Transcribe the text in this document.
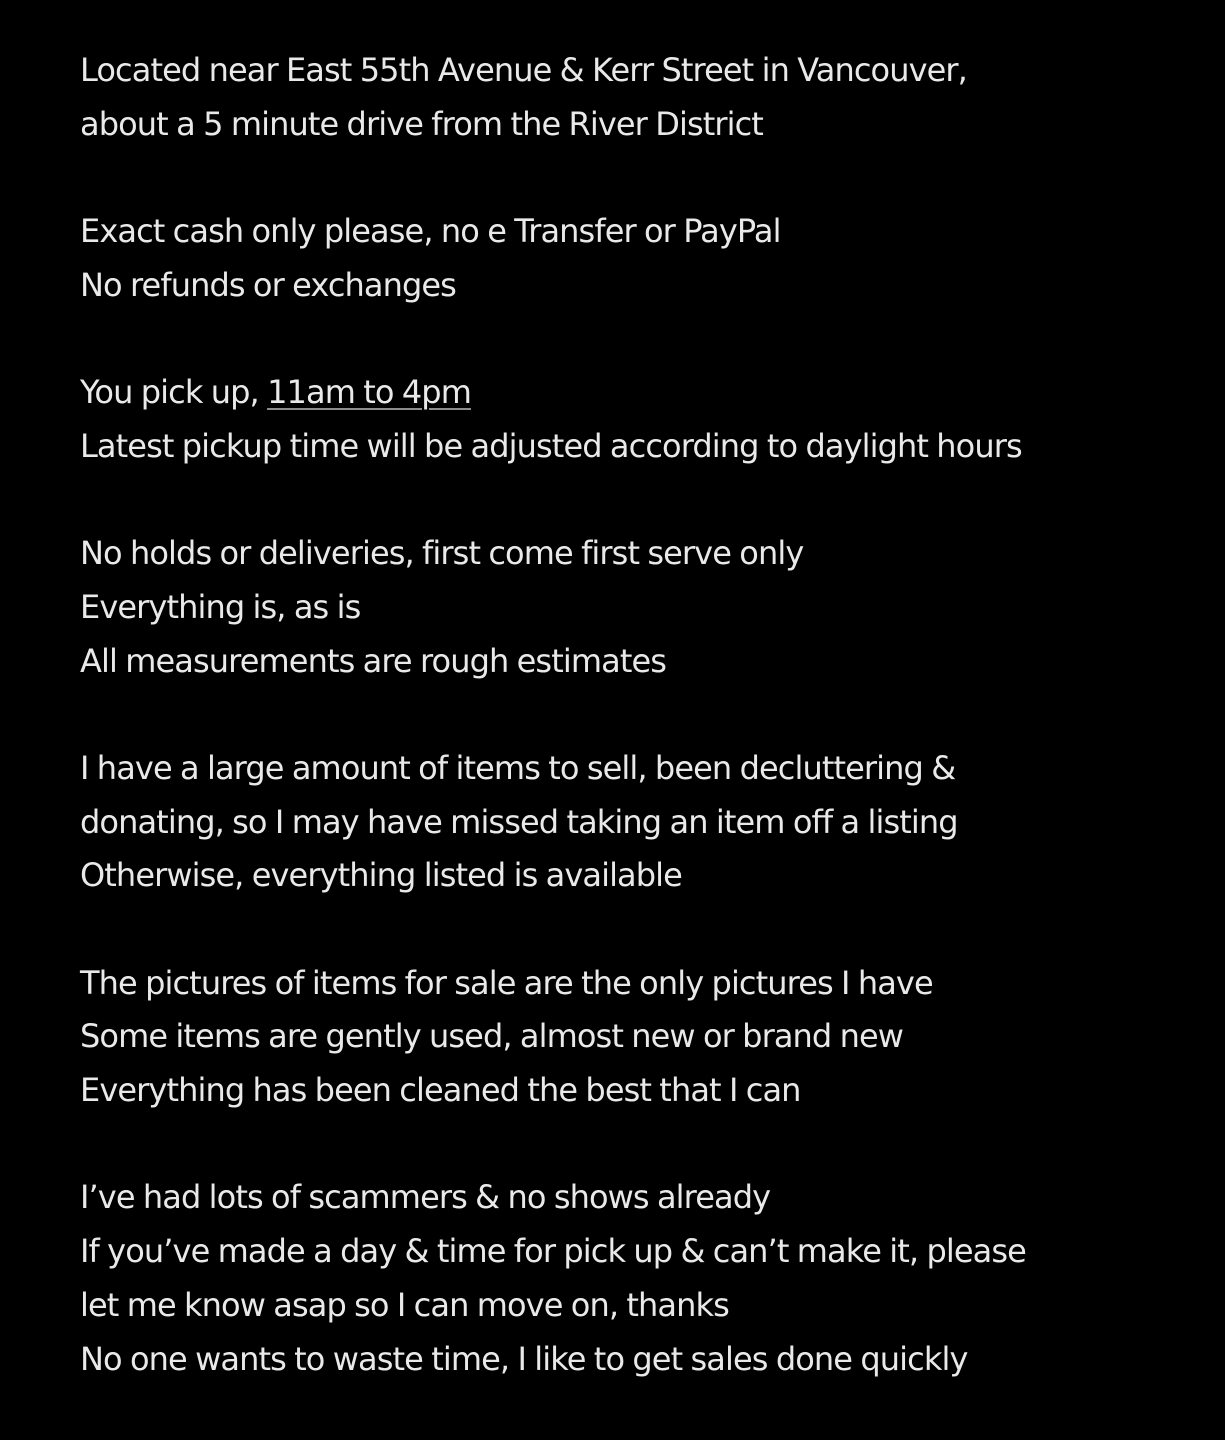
Located near East 55th Avenue & Kerr Street in Vancouver,
about a 5 minute drive from the River District
Exact cash only please, no e Transfer or PayPal
No refunds or exchanges
You pick up, 11am to 4pm
Latest pickup time will be adjusted according to daylight hours
No holds or deliveries, first come first serve only
Everything is, as is
All measurements are rough estimates
I have a large amount of items to sell, been decluttering &
donating, so I may have missed taking an item off a listing
Otherwise, everything listed is available
The pictures of items for sale are the only pictures I have
Some items are gently used, almost new or brand new
Everything has been cleaned the best that I can
I’ve had lots of scammers & no shows already
If you’ve made a day & time for pick up & can’t make it, please
let me know asap so I can move on, thanks
No one wants to waste time, I like to get sales done quickly
